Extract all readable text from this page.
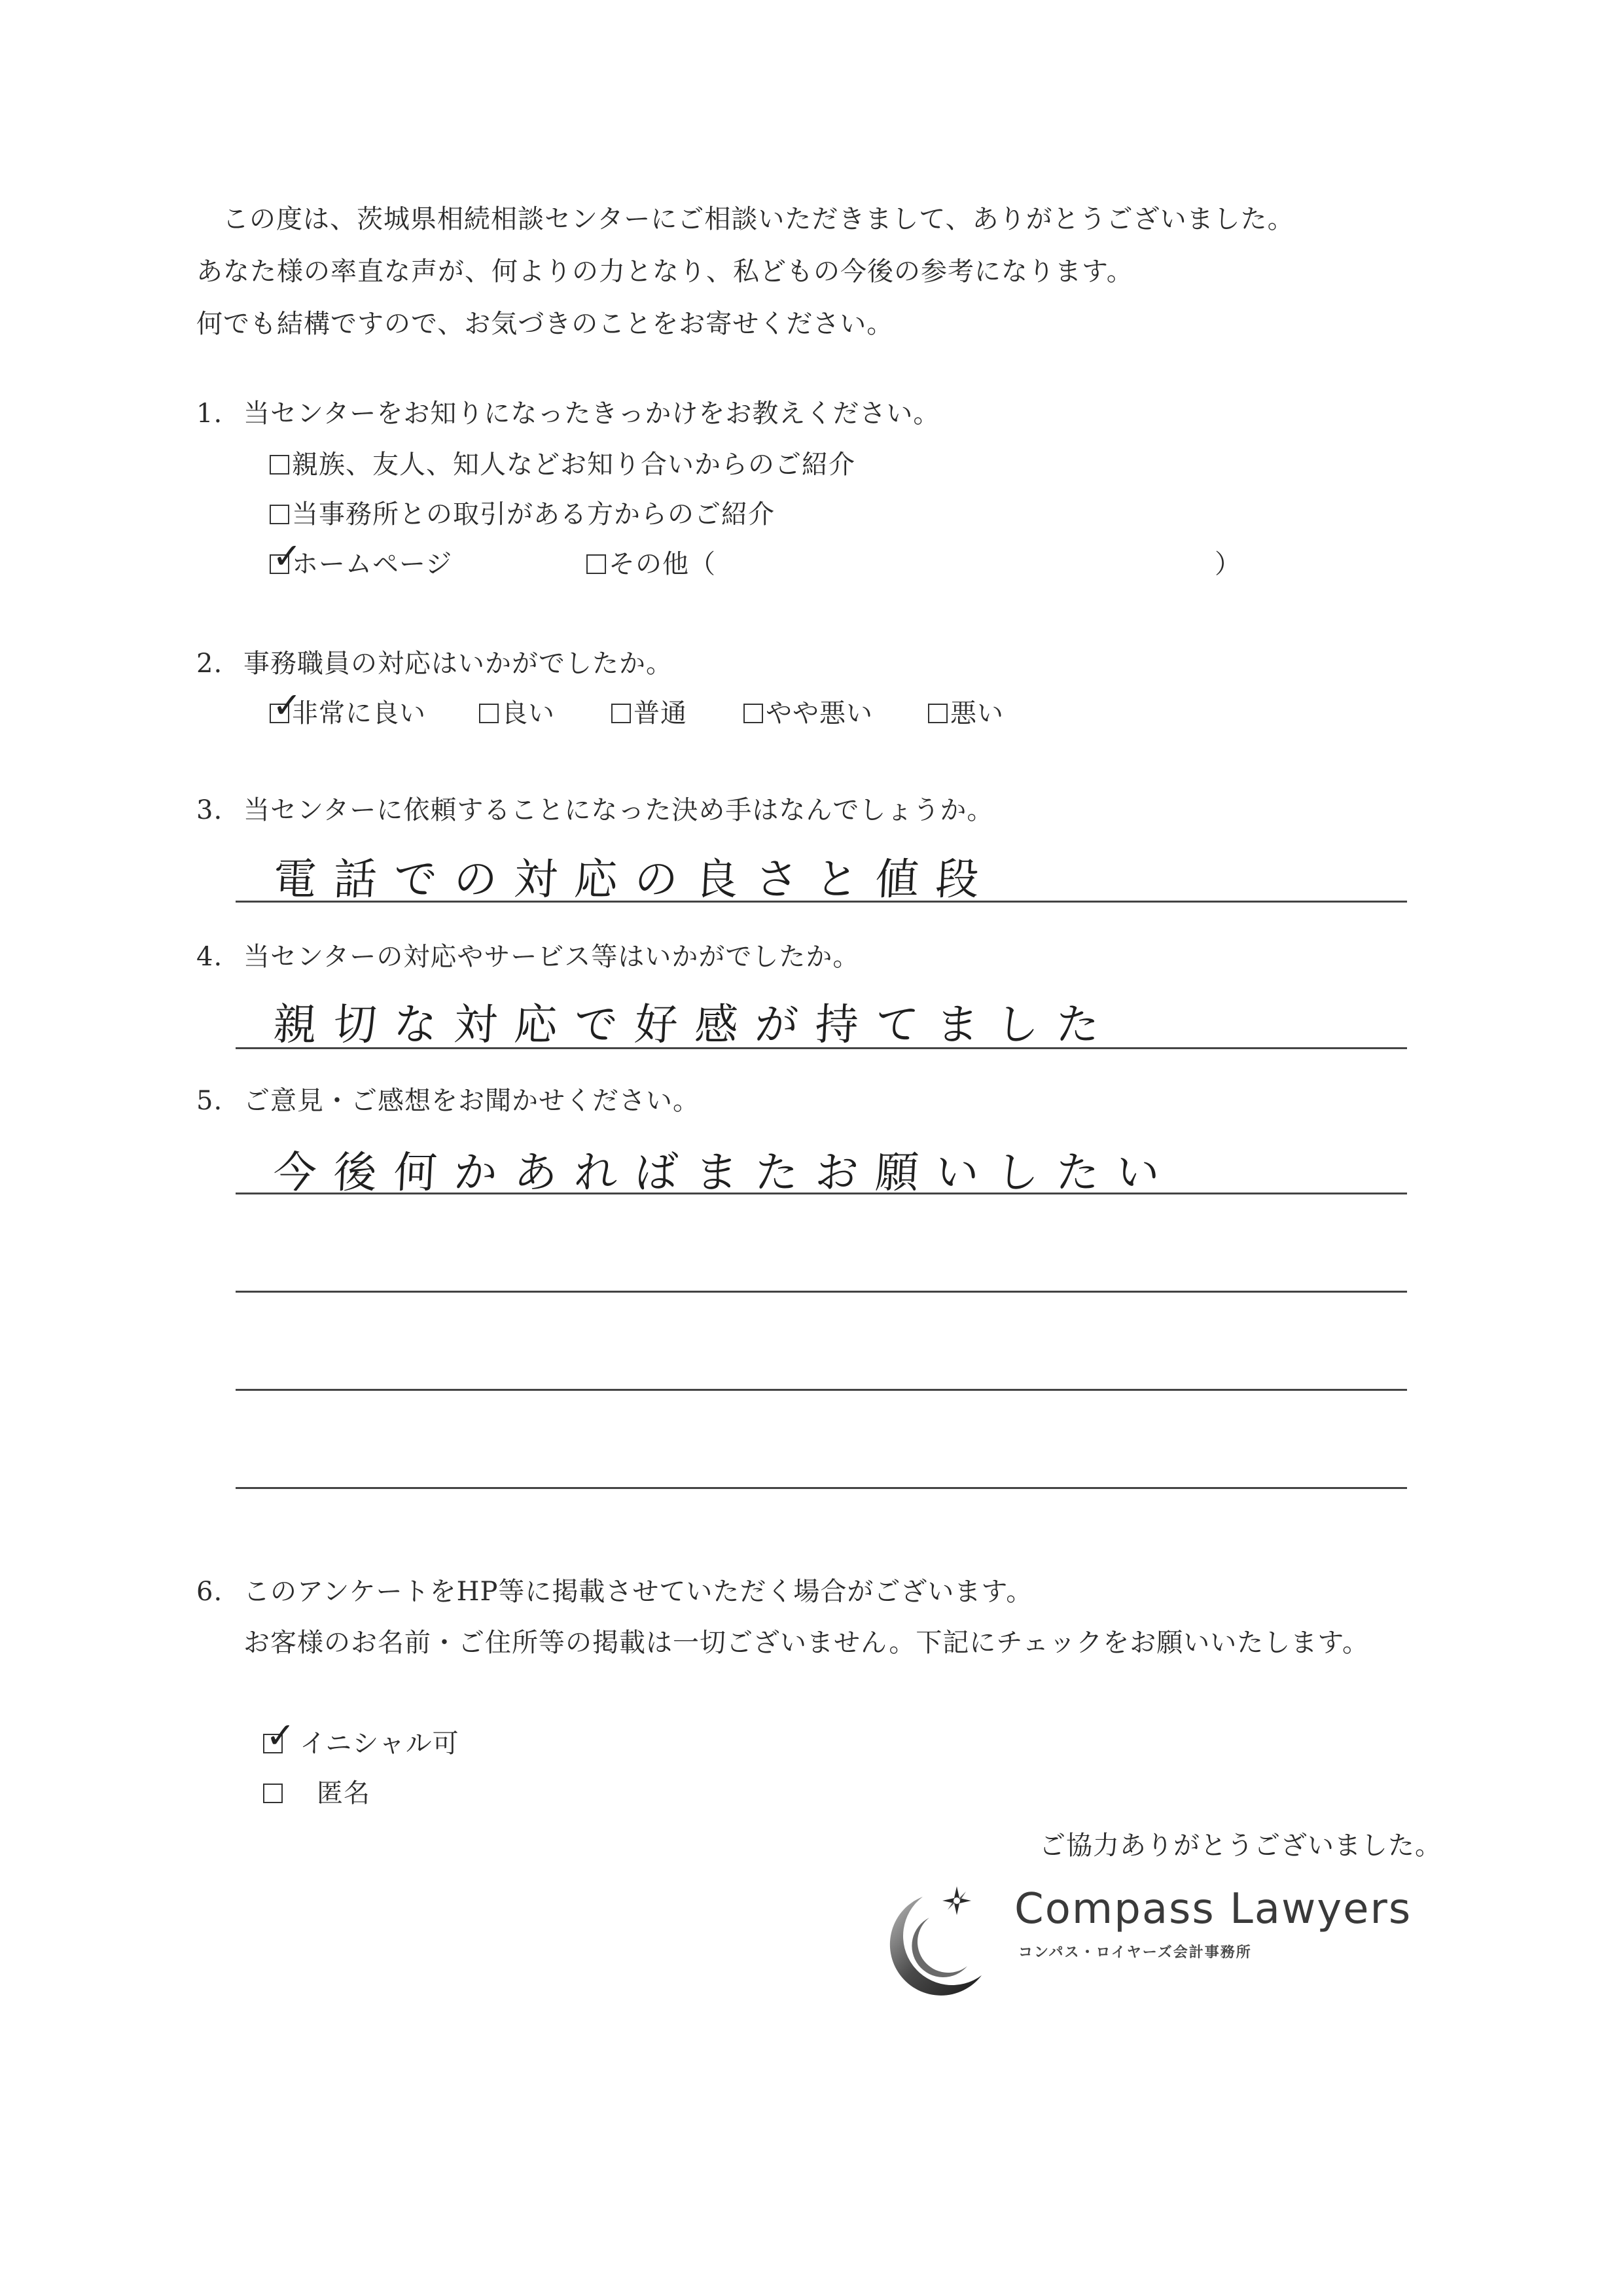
この度は、茨城県相続相談センターにご相談いただきまして、ありがとうございました。
あなた様の率直な声が、何よりの力となり、私どもの今後の参考になります。
何でも結構ですので、お気づきのことをお寄せください。
1. 当センターをお知りになったきっかけをお教えください。
親族、友人、知人などお知り合いからのご紹介
当事務所との取引がある方からのご紹介
✓
ホームページ	その他（	）
2. 事務職員の対応はいかがでしたか。
✓
非常に良い	良い	普通	やや悪い	悪い
3. 当センターに依頼することになった決め手はなんでしょうか。
電話での対応の良さと値段
4. 当センターの対応やサービス等はいかがでしたか。
親切な対応で好感が持てました
5. ご意見・ご感想をお聞かせください。
今後何かあればまたお願いしたい
6. このアンケートをHP等に掲載させていただく場合がございます。
お客様のお名前・ご住所等の掲載は一切ございません。下記にチェックをお願いいたします。
✓ イニシャル可
匿名
ご協力ありがとうございました。
Compass Lawyers
コンパス・ロイヤーズ会計事務所
